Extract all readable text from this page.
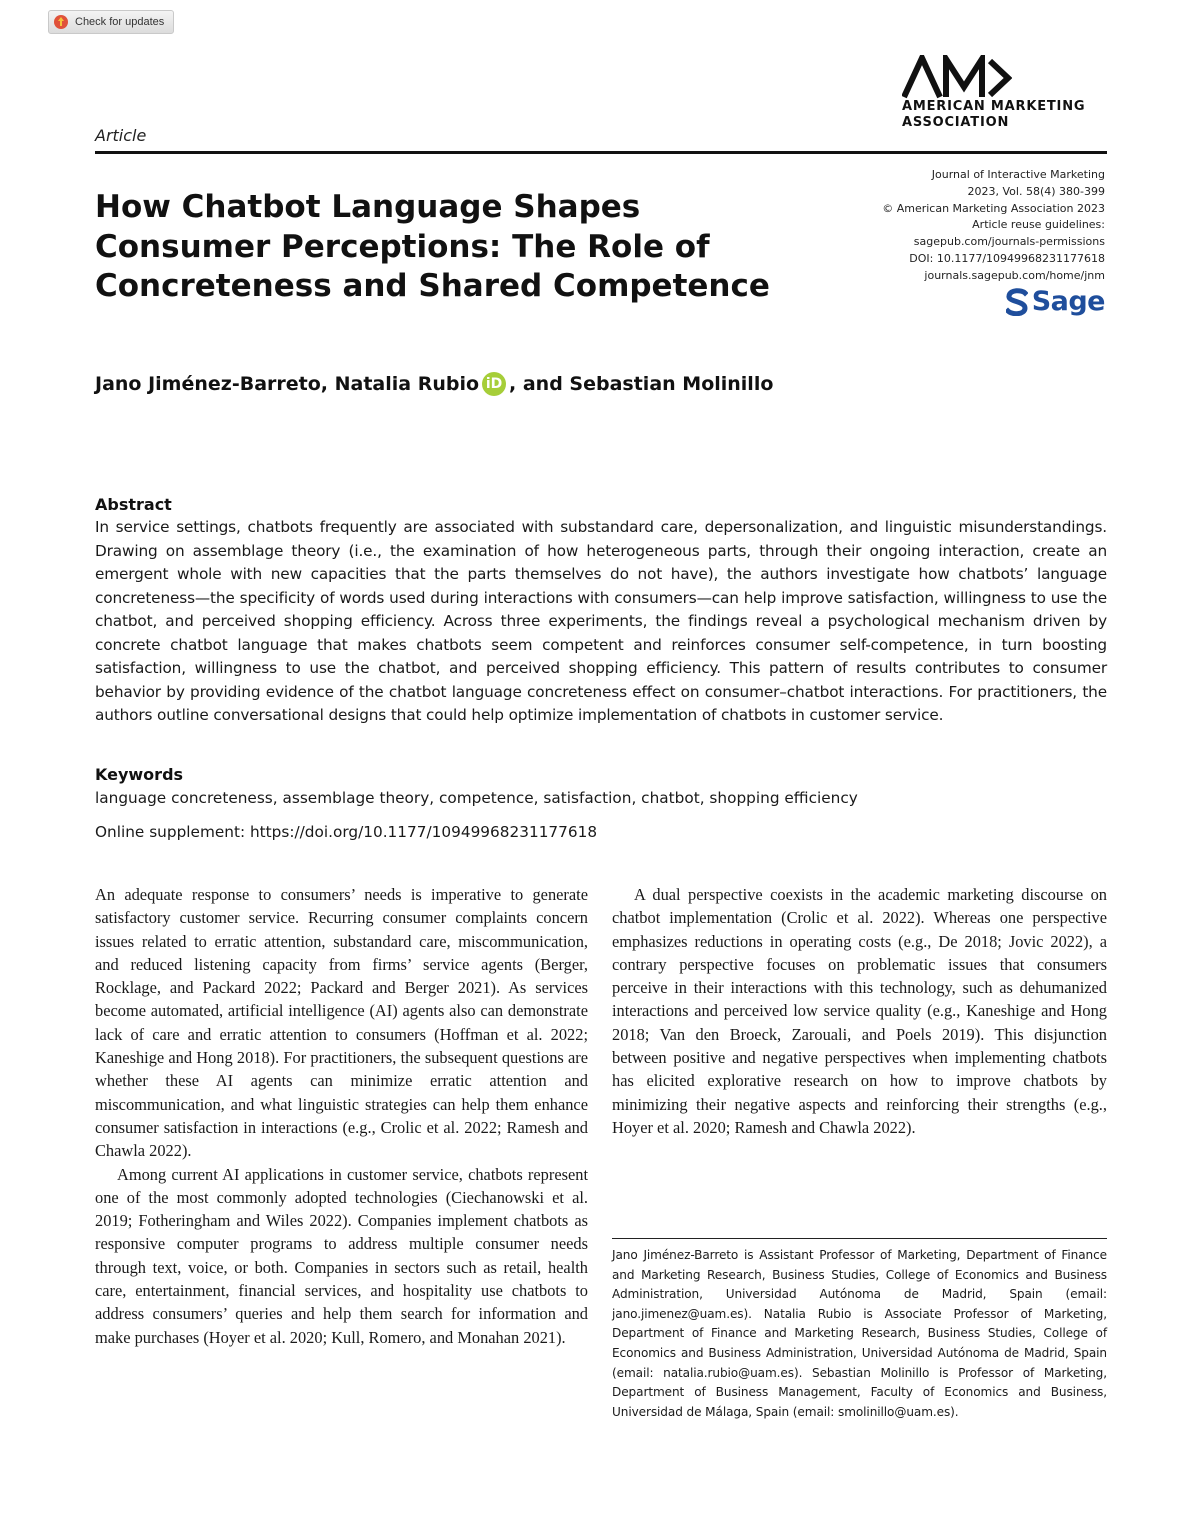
Check for updates
Article
AMERICAN MARKETING
ASSOCIATION
Journal of Interactive Marketing
2023, Vol. 58(4) 380-399
© American Marketing Association 2023
Article reuse guidelines:
sagepub.com/journals-permissions
DOI: 10.1177/10949968231177618
journals.sagepub.com/home/jnm
Sage
How Chatbot Language Shapes Consumer Perceptions: The Role of Concreteness and Shared Competence
Jano Jiménez-Barreto, Natalia Rubio iD , and Sebastian Molinillo
Abstract
In service settings, chatbots frequently are associated with substandard care, depersonalization, and linguistic misunderstandings. Drawing on assemblage theory (i.e., the examination of how heterogeneous parts, through their ongoing interaction, create an emergent whole with new capacities that the parts themselves do not have), the authors investigate how chatbots’ language concreteness—the specificity of words used during interactions with consumers—can help improve satisfaction, willingness to use the chatbot, and perceived shopping efficiency. Across three experiments, the findings reveal a psychological mechanism driven by concrete chatbot language that makes chatbots seem competent and reinforces consumer self-competence, in turn boosting satisfaction, willingness to use the chatbot, and perceived shopping efficiency. This pattern of results contributes to consumer behavior by providing evidence of the chatbot language concreteness effect on consumer–chatbot interactions. For practitioners, the authors outline conversational designs that could help optimize implementation of chatbots in customer service.
Keywords
language concreteness, assemblage theory, competence, satisfaction, chatbot, shopping efficiency
Online supplement: https://doi.org/10.1177/10949968231177618

An adequate response to consumers’ needs is imperative to generate satisfactory customer service. Recurring consumer complaints concern issues related to erratic attention, substandard care, miscommunication, and reduced listening capacity from firms’ service agents (Berger, Rocklage, and Packard 2022; Packard and Berger 2021). As services become automated, artificial intelligence (AI) agents also can demonstrate lack of care and erratic attention to consumers (Hoffman et al. 2022; Kaneshige and Hong 2018). For practitioners, the subsequent questions are whether these AI agents can minimize erratic attention and miscommunication, and what linguistic strategies can help them enhance consumer satisfaction in interactions (e.g., Crolic et al. 2022; Ramesh and Chawla 2022).

Among current AI applications in customer service, chatbots represent one of the most commonly adopted technologies (Ciechanowski et al. 2019; Fotheringham and Wiles 2022). Companies implement chatbots as responsive computer programs to address multiple consumer needs through text, voice, or both. Companies in sectors such as retail, health care, entertainment, financial services, and hospitality use chatbots to address consumers’ queries and help them search for information and make purchases (Hoyer et al. 2020; Kull, Romero, and Monahan 2021).

A dual perspective coexists in the academic marketing discourse on chatbot implementation (Crolic et al. 2022). Whereas one perspective emphasizes reductions in operating costs (e.g., De 2018; Jovic 2022), a contrary perspective focuses on problematic issues that consumers perceive in their interactions with this technology, such as dehumanized interactions and perceived low service quality (e.g., Kaneshige and Hong 2018; Van den Broeck, Zarouali, and Poels 2019). This disjunction between positive and negative perspectives when implementing chatbots has elicited explorative research on how to improve chatbots by minimizing their negative aspects and reinforcing their strengths (e.g., Hoyer et al. 2020; Ramesh and Chawla 2022).

Jano Jiménez-Barreto is Assistant Professor of Marketing, Department of Finance and Marketing Research, Business Studies, College of Economics and Business Administration, Universidad Autónoma de Madrid, Spain (email: jano.jimenez@uam.es). Natalia Rubio is Associate Professor of Marketing, Department of Finance and Marketing Research, Business Studies, College of Economics and Business Administration, Universidad Autónoma de Madrid, Spain (email: natalia.rubio@uam.es). Sebastian Molinillo is Professor of Marketing, Department of Business Management, Faculty of Economics and Business, Universidad de Málaga, Spain (email: smolinillo@uam.es).
